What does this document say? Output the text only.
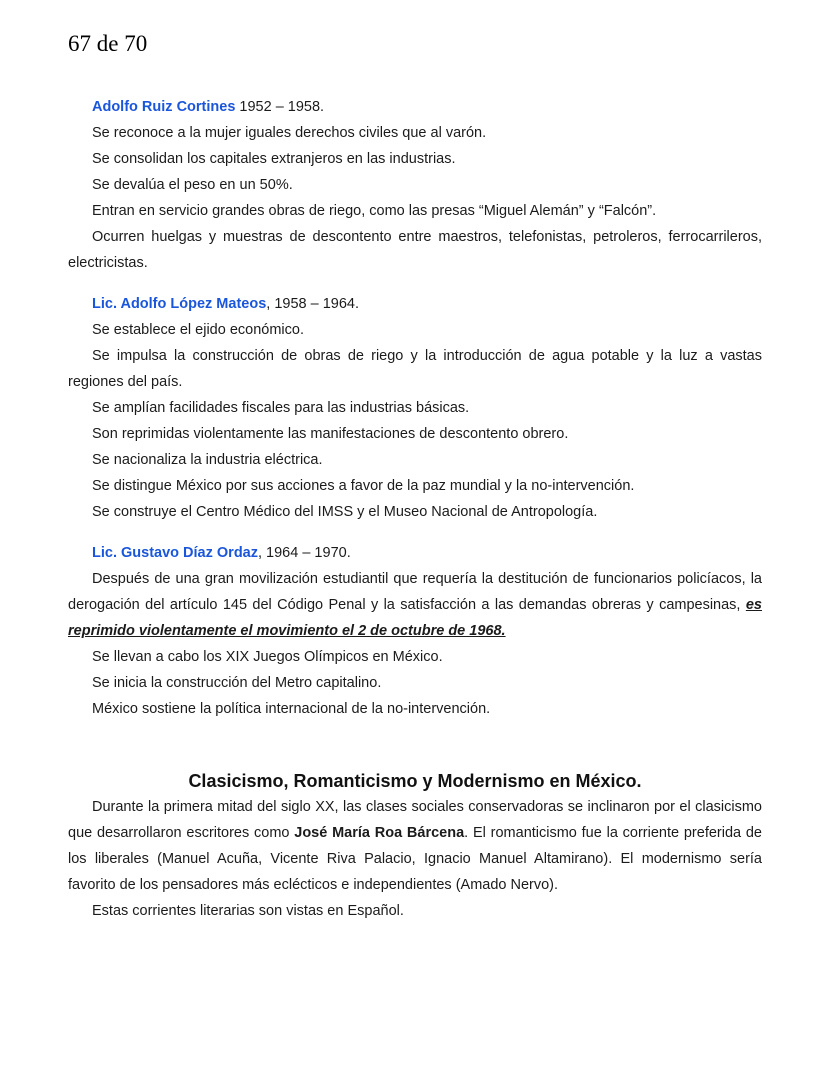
67 de 70

Adolfo Ruiz Cortines 1952 – 1958.

Se reconoce a la mujer iguales derechos civiles que al varón.

Se consolidan los capitales extranjeros en las industrias.

Se devalúa el peso en un 50%.

Entran en servicio grandes obras de riego, como las presas “Miguel Alemán” y “Falcón”.

Ocurren huelgas y muestras de descontento entre maestros, telefonistas, petroleros, ferrocarrileros, electricistas.

Lic. Adolfo López Mateos, 1958 – 1964.

Se establece el ejido económico.

Se impulsa la construcción de obras de riego y la introducción de agua potable y la luz a vastas regiones del país.

Se amplían facilidades fiscales para las industrias básicas.

Son reprimidas violentamente las manifestaciones de descontento obrero.

Se nacionaliza la industria eléctrica.

Se distingue México por sus acciones a favor de la paz mundial y la no-intervención.

Se construye el Centro Médico del IMSS y el Museo Nacional de Antropología.

Lic. Gustavo Díaz Ordaz, 1964 – 1970.

Después de una gran movilización estudiantil que requería la destitución de funcionarios policíacos, la derogación del artículo 145 del Código Penal y la satisfacción a las demandas obreras y campesinas, es reprimido violentamente el movimiento el 2 de octubre de 1968.

Se llevan a cabo los XIX Juegos Olímpicos en México.

Se inicia la construcción del Metro capitalino.

México sostiene la política internacional de la no-intervención.

Clasicismo, Romanticismo y Modernismo en México.

Durante la primera mitad del siglo XX, las clases sociales conservadoras se inclinaron por el clasicismo que desarrollaron escritores como José María Roa Bárcena. El romanticismo fue la corriente preferida de los liberales (Manuel Acuña, Vicente Riva Palacio, Ignacio Manuel Altamirano). El modernismo sería favorito de los pensadores más eclécticos e independientes (Amado Nervo).

Estas corrientes literarias son vistas en Español.
